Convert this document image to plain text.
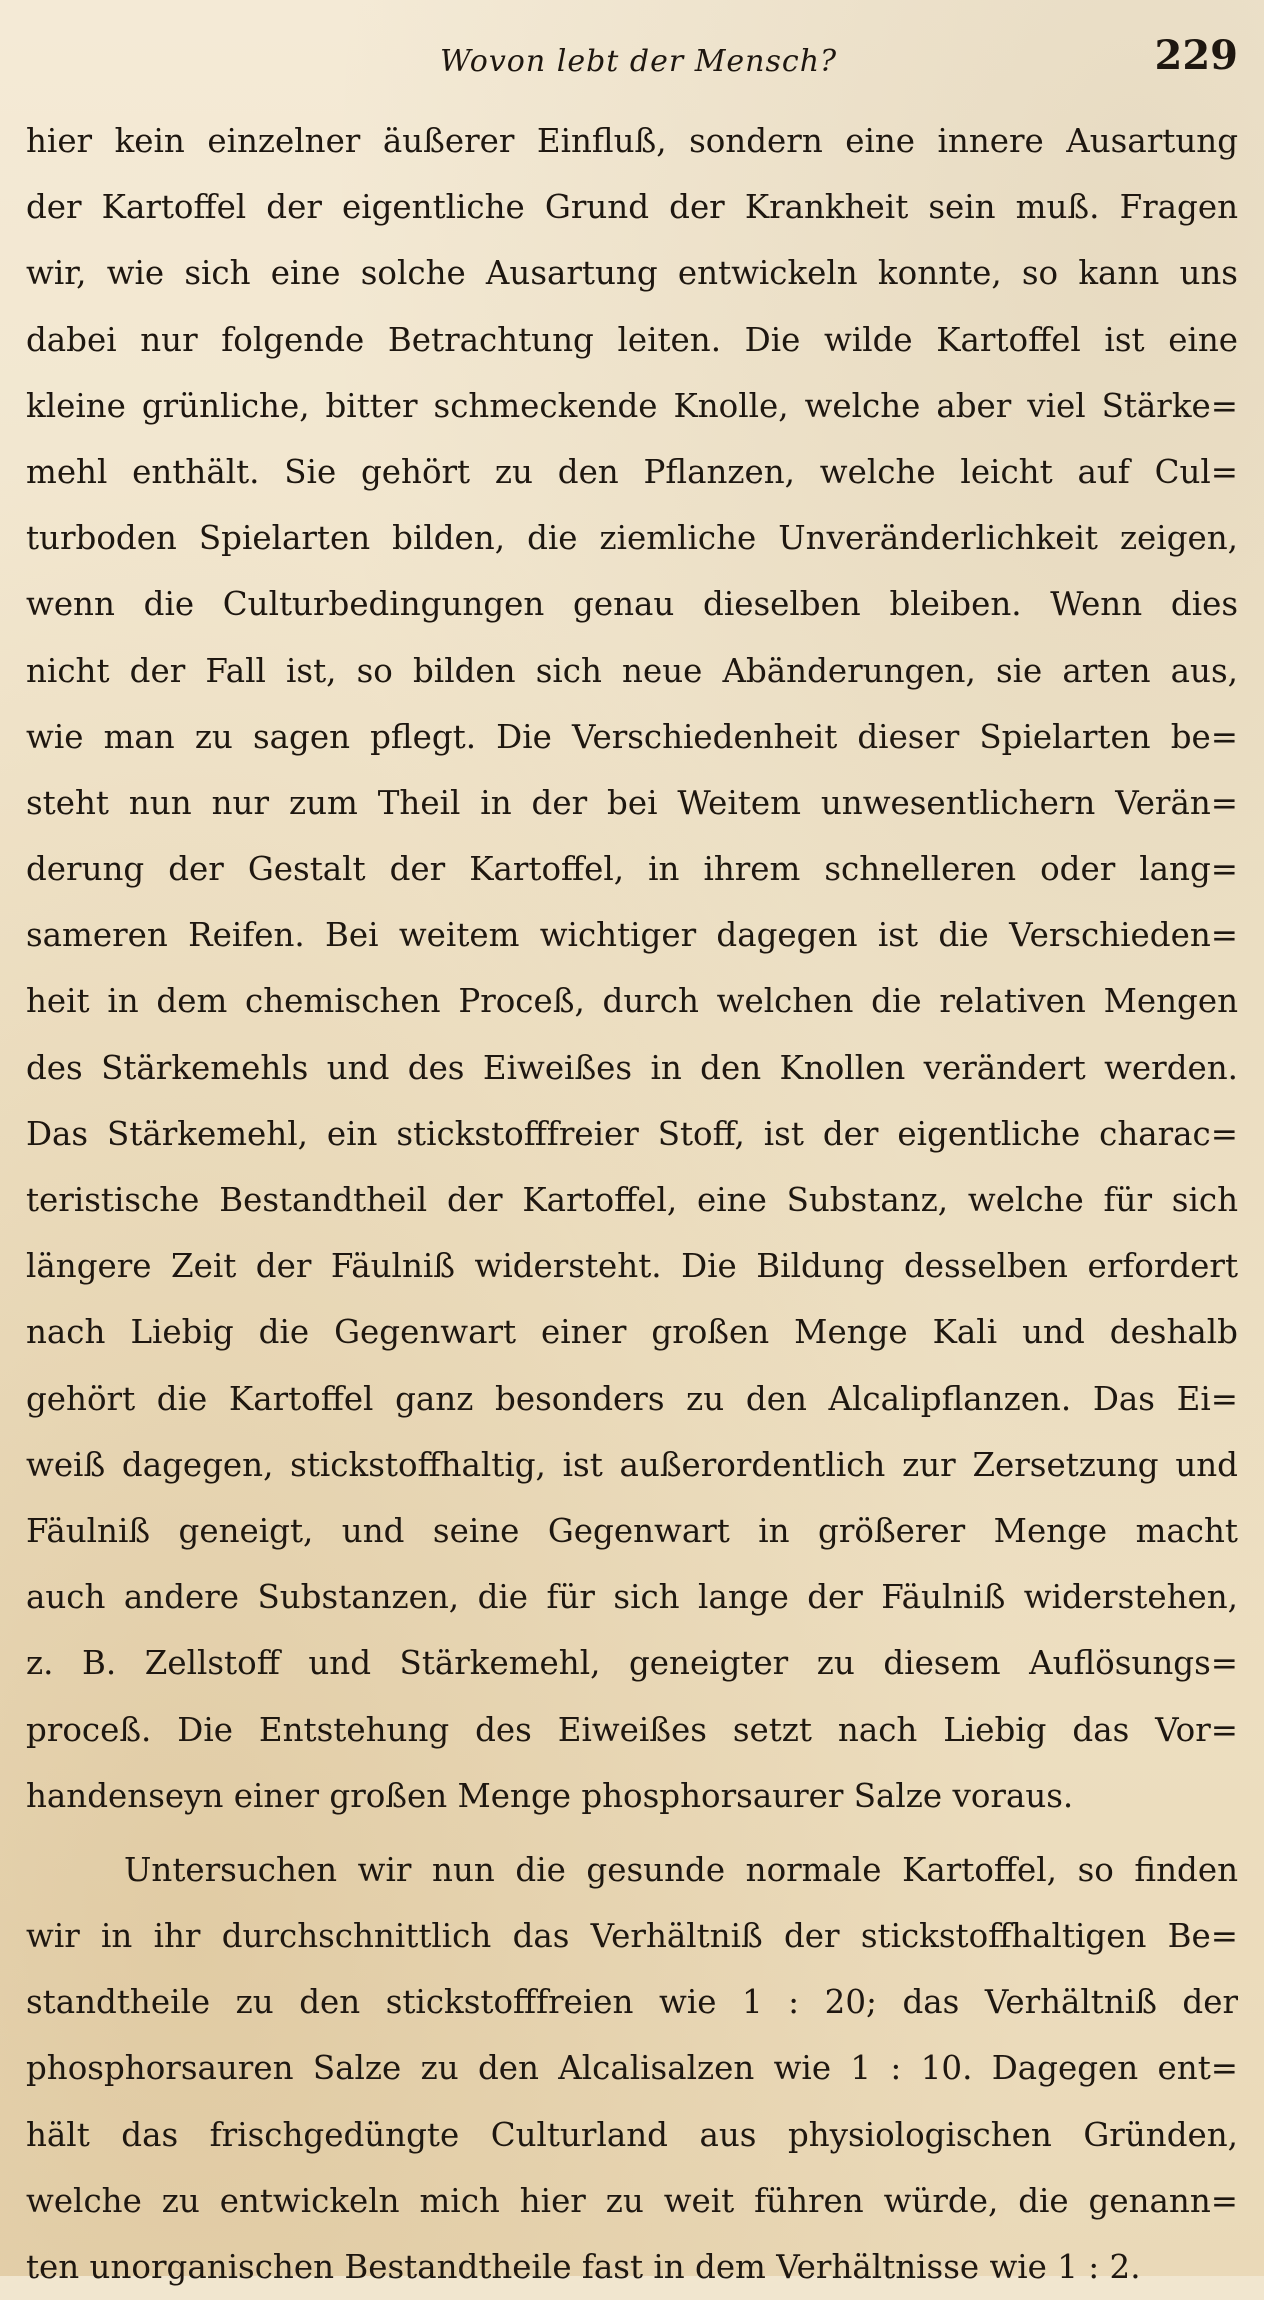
Wovon lebt der Mensch?	229
hier kein einzelner äußerer Einfluß, sondern eine innere Ausartung
der Kartoffel der eigentliche Grund der Krankheit sein muß. Fragen
wir, wie sich eine solche Ausartung entwickeln konnte, so kann uns
dabei nur folgende Betrachtung leiten. Die wilde Kartoffel ist eine
kleine grünliche, bitter schmeckende Knolle, welche aber viel Stärke=
mehl enthält. Sie gehört zu den Pflanzen, welche leicht auf Cul=
turboden Spielarten bilden, die ziemliche Unveränderlichkeit zeigen,
wenn die Culturbedingungen genau dieselben bleiben. Wenn dies
nicht der Fall ist, so bilden sich neue Abänderungen, sie arten aus,
wie man zu sagen pflegt. Die Verschiedenheit dieser Spielarten be=
steht nun nur zum Theil in der bei Weitem unwesentlichern Verän=
derung der Gestalt der Kartoffel, in ihrem schnelleren oder lang=
sameren Reifen. Bei weitem wichtiger dagegen ist die Verschieden=
heit in dem chemischen Proceß, durch welchen die relativen Mengen
des Stärkemehls und des Eiweißes in den Knollen verändert werden.
Das Stärkemehl, ein stickstofffreier Stoff, ist der eigentliche charac=
teristische Bestandtheil der Kartoffel, eine Substanz, welche für sich
längere Zeit der Fäulniß widersteht. Die Bildung desselben erfordert
nach Liebig die Gegenwart einer großen Menge Kali und deshalb
gehört die Kartoffel ganz besonders zu den Alcalipflanzen. Das Ei=
weiß dagegen, stickstoffhaltig, ist außerordentlich zur Zersetzung und
Fäulniß geneigt, und seine Gegenwart in größerer Menge macht
auch andere Substanzen, die für sich lange der Fäulniß widerstehen,
z. B. Zellstoff und Stärkemehl, geneigter zu diesem Auflösungs=
proceß. Die Entstehung des Eiweißes setzt nach Liebig das Vor=
handenseyn einer großen Menge phosphorsaurer Salze voraus.
Untersuchen wir nun die gesunde normale Kartoffel, so finden
wir in ihr durchschnittlich das Verhältniß der stickstoffhaltigen Be=
standtheile zu den stickstofffreien wie 1 : 20; das Verhältniß der
phosphorsauren Salze zu den Alcalisalzen wie 1 : 10. Dagegen ent=
hält das frischgedüngte Culturland aus physiologischen Gründen,
welche zu entwickeln mich hier zu weit führen würde, die genann=
ten unorganischen Bestandtheile fast in dem Verhältnisse wie 1 : 2.
